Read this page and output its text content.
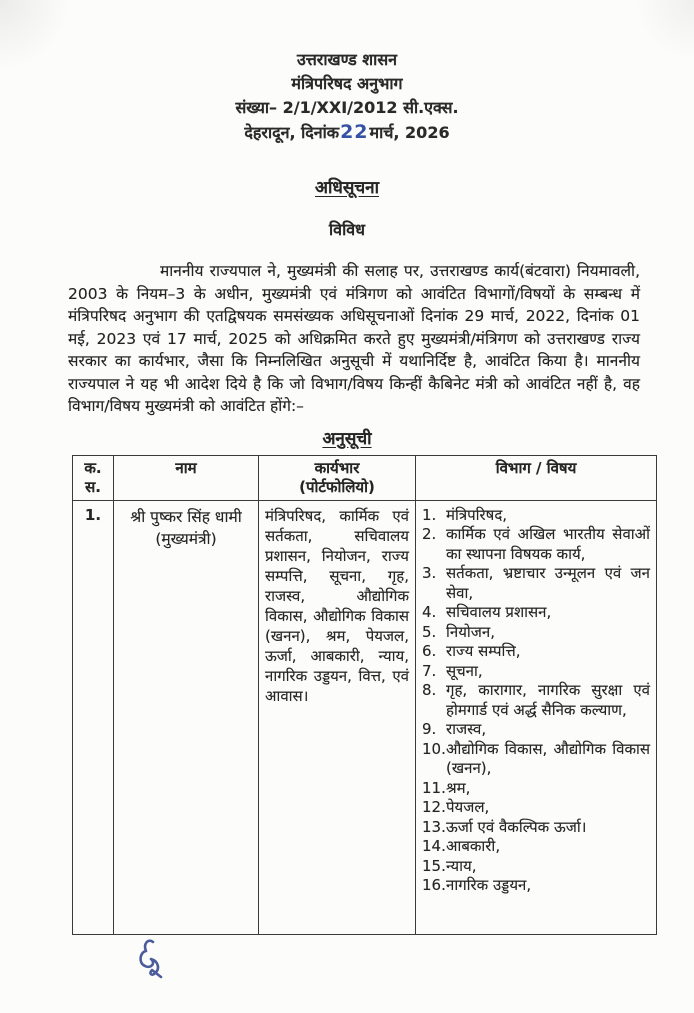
उत्तराखण्ड शासन
मंत्रिपरिषद अनुभाग
संख्या– 2/1/XXI/2012 सी.एक्स.
देहरादून, दिनांक22मार्च, 2026
अधिसूचना
विविध

माननीय राज्यपाल ने, मुख्यमंत्री की सलाह पर, उत्तराखण्ड कार्य(बंटवारा) नियमावली, 2003 के नियम–3 के अधीन, मुख्यमंत्री एवं मंत्रिगण को आवंटित विभागों/विषयों के सम्बन्ध में मंत्रिपरिषद अनुभाग की एतद्विषयक समसंख्यक अधिसूचनाओं दिनांक 29 मार्च, 2022, दिनांक 01 मई, 2023 एवं 17 मार्च, 2025 को अधिक्रमित करते हुए मुख्यमंत्री/मंत्रिगण को उत्तराखण्ड राज्य सरकार का कार्यभार, जैसा कि निम्नलिखित अनुसूची में यथानिर्दिष्ट है, आवंटित किया है। माननीय राज्यपाल ने यह भी आदेश दिये है कि जो विभाग/विषय किन्हीं कैबिनेट मंत्री को आवंटित नहीं है, वह विभाग/विषय मुख्यमंत्री को आवंटित होंगे:–

अनुसूची
क.
स.
नाम	कार्यभार
(पोर्टफोलियो)
विभाग / विषय
1.	श्री पुष्कर सिंह धामी
(मुख्यमंत्री)
मंत्रिपरिषद, कार्मिक एवं सर्तकता, सचिवालय प्रशासन, नियोजन, राज्य सम्पत्ति, सूचना, गृह, राजस्व, औद्योगिक विकास, औद्योगिक विकास (खनन), श्रम, पेयजल, ऊर्जा, आबकारी, न्याय, नागरिक उड्डयन, वित्त, एवं आवास।
1. मंत्रिपरिषद,
2. कार्मिक एवं अखिल भारतीय सेवाओं का स्थापना विषयक कार्य,
3. सर्तकता, भ्रष्टाचार उन्मूलन एवं जन सेवा,
4. सचिवालय प्रशासन,
5. नियोजन,
6. राज्य सम्पत्ति,
7. सूचना,
8. गृह, कारागार, नागरिक सुरक्षा एवं होमगार्ड एवं अर्द्ध सैनिक कल्याण,
9. राजस्व,
10. औद्योगिक विकास, औद्योगिक विकास (खनन),
11. श्रम,
12. पेयजल,
13. ऊर्जा एवं वैकल्पिक ऊर्जा।
14. आबकारी,
15. न्याय,
16. नागरिक उड्डयन,
